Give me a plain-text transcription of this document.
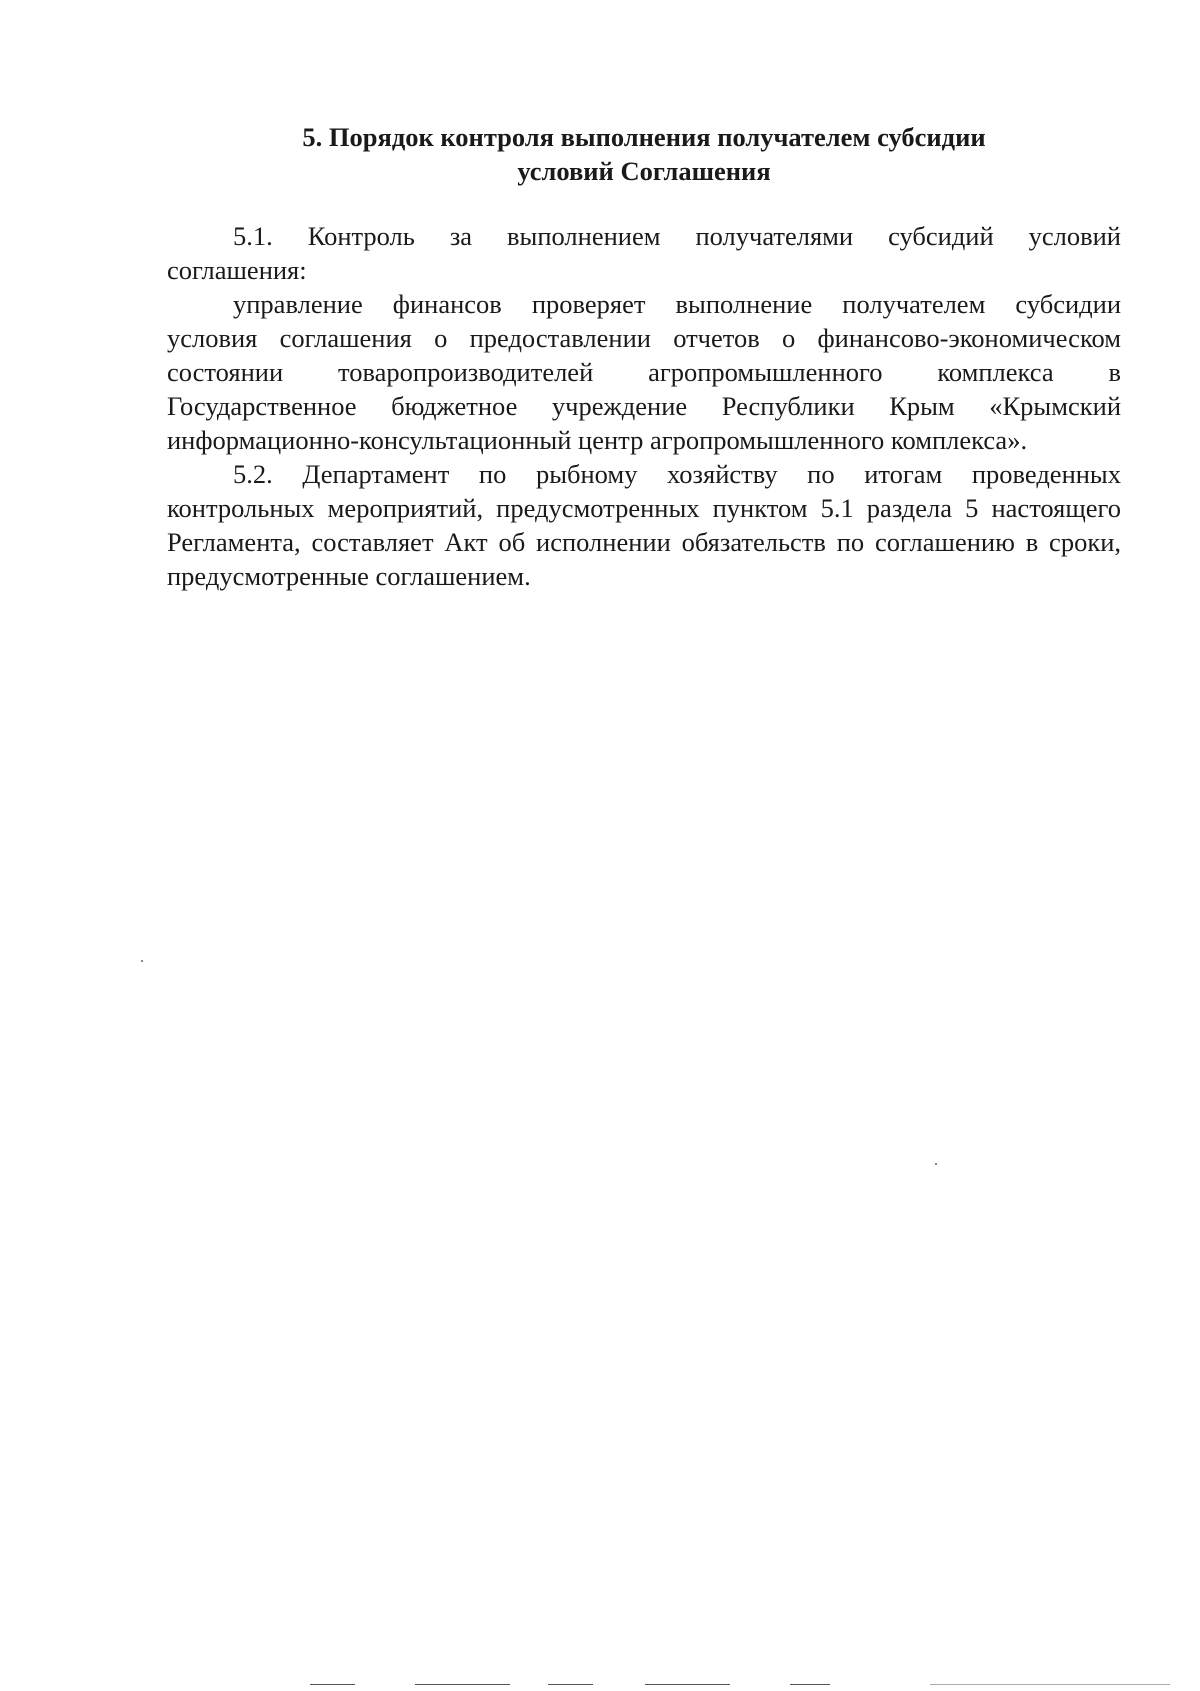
5. Порядок контроля выполнения получателем субсидии
условий Соглашения

5.1. Контроль за выполнением получателями субсидий условий
соглашения:

управление финансов проверяет выполнение получателем субсидии
условия соглашения о предоставлении отчетов о финансово-экономическом
состоянии товаропроизводителей агропромышленного комплекса в
Государственное бюджетное учреждение Республики Крым «Крымский
информационно-консультационный центр агропромышленного комплекса».

5.2. Департамент по рыбному хозяйству по итогам проведенных
контрольных мероприятий, предусмотренных пунктом 5.1 раздела 5 настоящего
Регламента, составляет Акт об исполнении обязательств по соглашению в сроки,
предусмотренные соглашением.
